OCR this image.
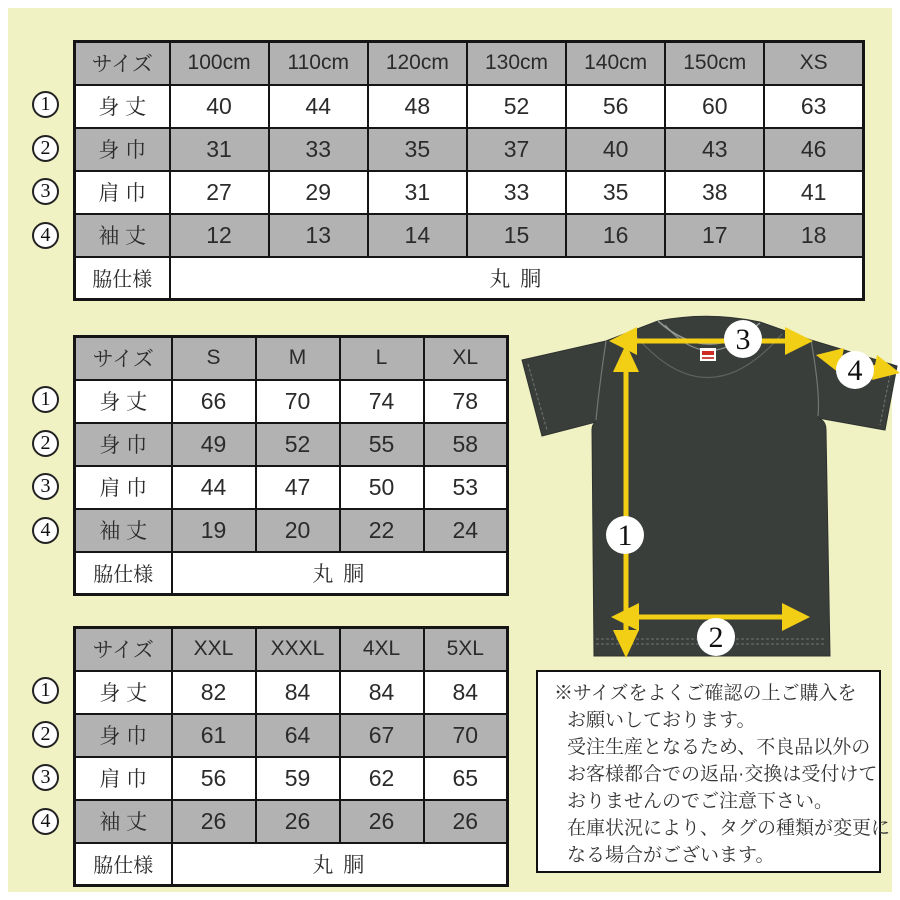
サイズ	100cm	110cm	120cm	130cm	140cm	150cm	XS
身 丈	40	44	48	52	56	60	63
身 巾	31	33	35	37	40	43	46
肩 巾	27	29	31	33	35	38	41
袖 丈	12	13	14	15	16	17	18
脇仕様	丸 胴						
サイズ	S	M	L	XL
身 丈	66	70	74	78
身 巾	49	52	55	58
肩 巾	44	47	50	53
袖 丈	19	20	22	24
脇仕様	丸 胴			
サイズ	XXL	XXXL	4XL	5XL
身 丈	82	84	84	84
身 巾	61	64	67	70
肩 巾	56	59	62	65
袖 丈	26	26	26	26
脇仕様	丸 胴			
1
2
3
4
1
2
3
4
1
2
3
4
3
4
1
2
※サイズをよくご確認の上ご購入を
お願いしております。
受注生産となるため、不良品以外の
お客様都合での返品·交換は受付けて
おりませんのでご注意下さい。
在庫状況により、タグの種類が変更に
なる場合がございます。
